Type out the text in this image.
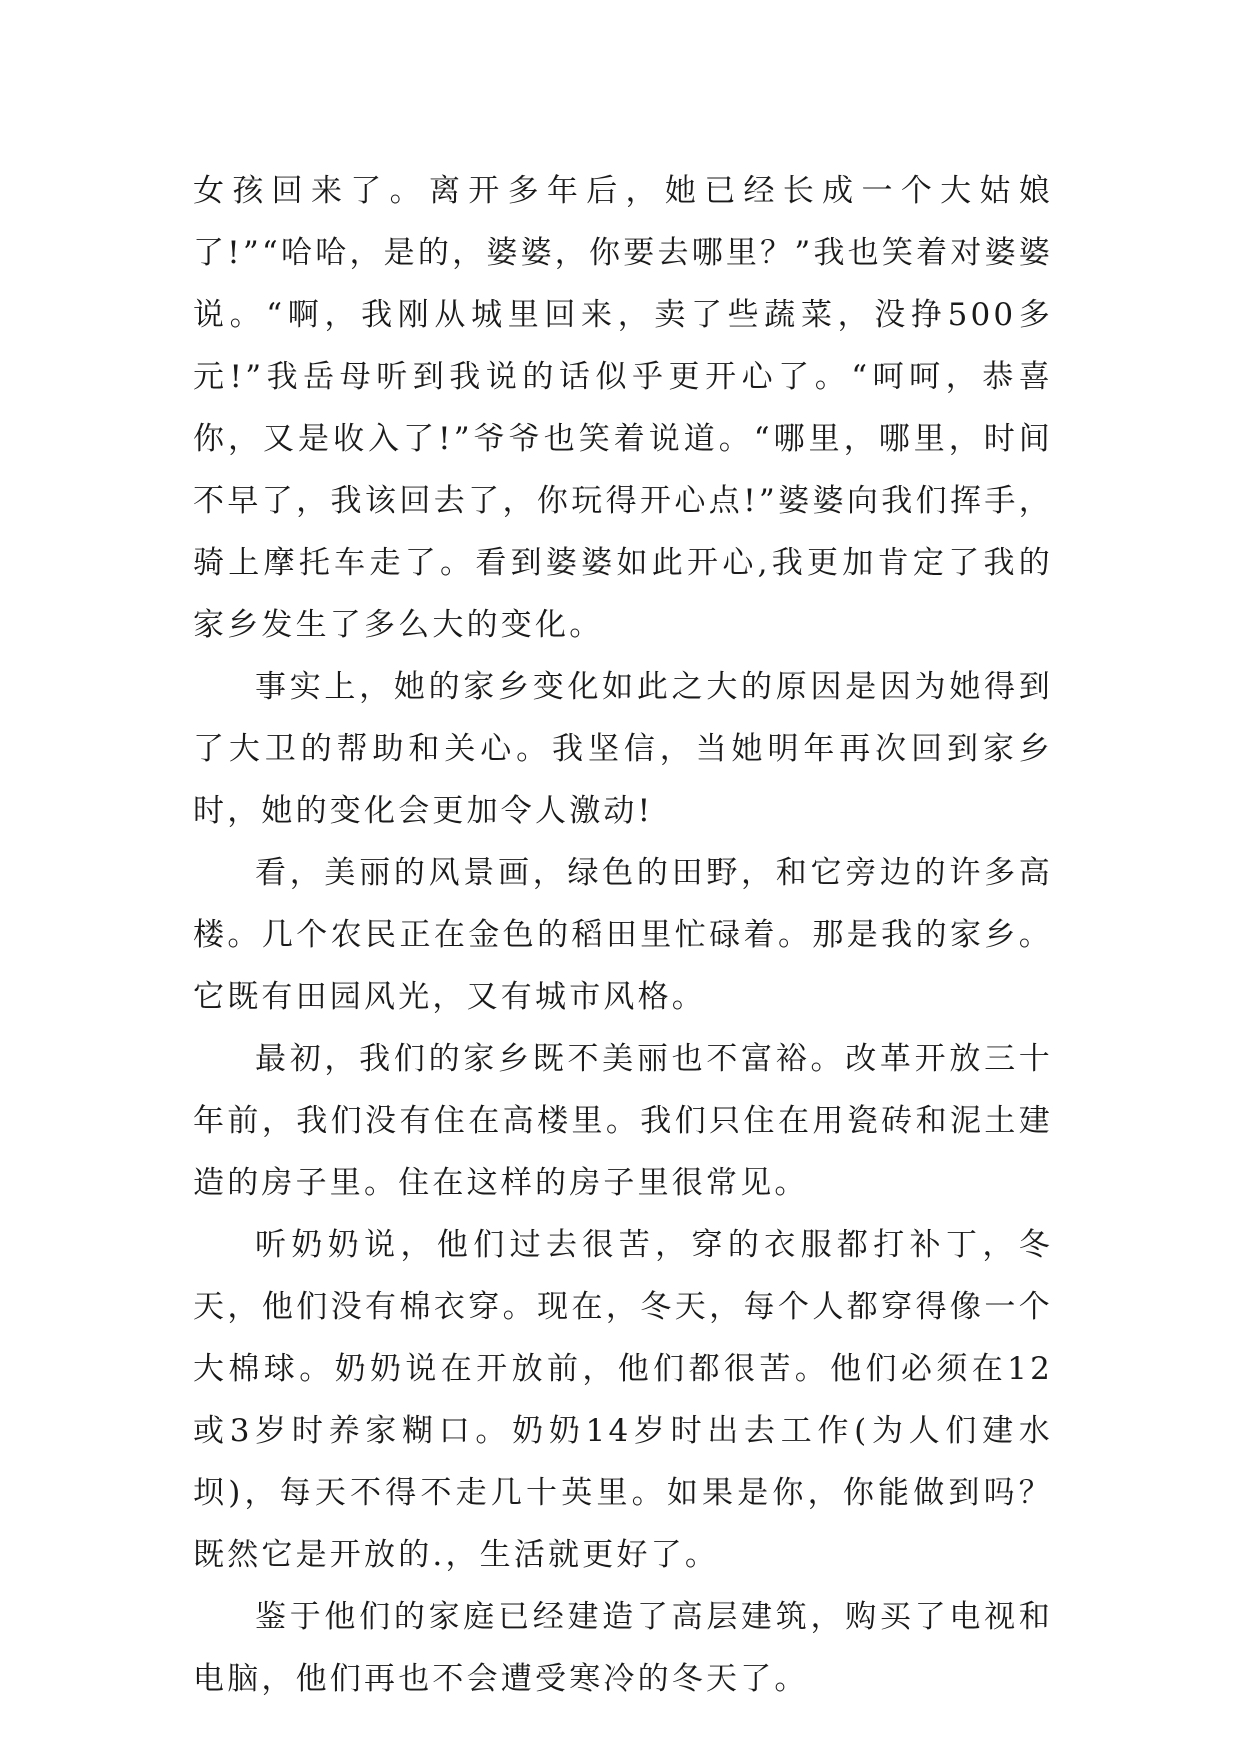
女孩回来了。离开多年后，她已经长成一个大姑娘了!”“哈哈，是的，婆婆，你要去哪里？”我也笑着对婆婆说。“啊，我刚从城里回来，卖了些蔬菜，没挣500多元!”我岳母听到我说的话似乎更开心了。“呵呵，恭喜你，又是收入了!”爷爷也笑着说道。“哪里，哪里，时间不早了，我该回去了，你玩得开心点!”婆婆向我们挥手，骑上摩托车走了。看到婆婆如此开心,我更加肯定了我的家乡发生了多么大的变化。

事实上，她的家乡变化如此之大的原因是因为她得到了大卫的帮助和关心。我坚信，当她明年再次回到家乡时，她的变化会更加令人激动!

看，美丽的风景画，绿色的田野，和它旁边的许多高楼。几个农民正在金色的稻田里忙碌着。那是我的家乡。它既有田园风光，又有城市风格。

最初，我们的家乡既不美丽也不富裕。改革开放三十年前，我们没有住在高楼里。我们只住在用瓷砖和泥土建造的房子里。住在这样的房子里很常见。

听奶奶说，他们过去很苦，穿的衣服都打补丁，冬天，他们没有棉衣穿。现在，冬天，每个人都穿得像一个大棉球。奶奶说在开放前，他们都很苦。他们必须在12或3岁时养家糊口。奶奶14岁时出去工作(为人们建水坝)，每天不得不走几十英里。如果是你，你能做到吗？既然它是开放的.，生活就更好了。

鉴于他们的家庭已经建造了高层建筑，购买了电视和电脑，他们再也不会遭受寒冷的冬天了。
